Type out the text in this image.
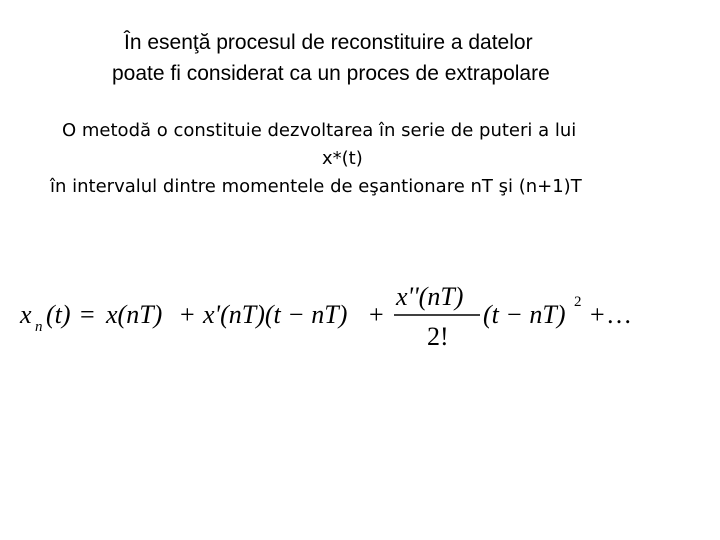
În esenţă procesul de reconstituire a datelor
poate fi considerat ca un proces de extrapolare
O metodă o constituie dezvoltarea în serie de puteri a lui
x*(t)
în intervalul dintre momentele de eşantionare nT şi (n+1)T
x n (t) = x(nT) + x'(nT)(t − nT) +
x''(nT)
2!
(t − nT) 2 + …
